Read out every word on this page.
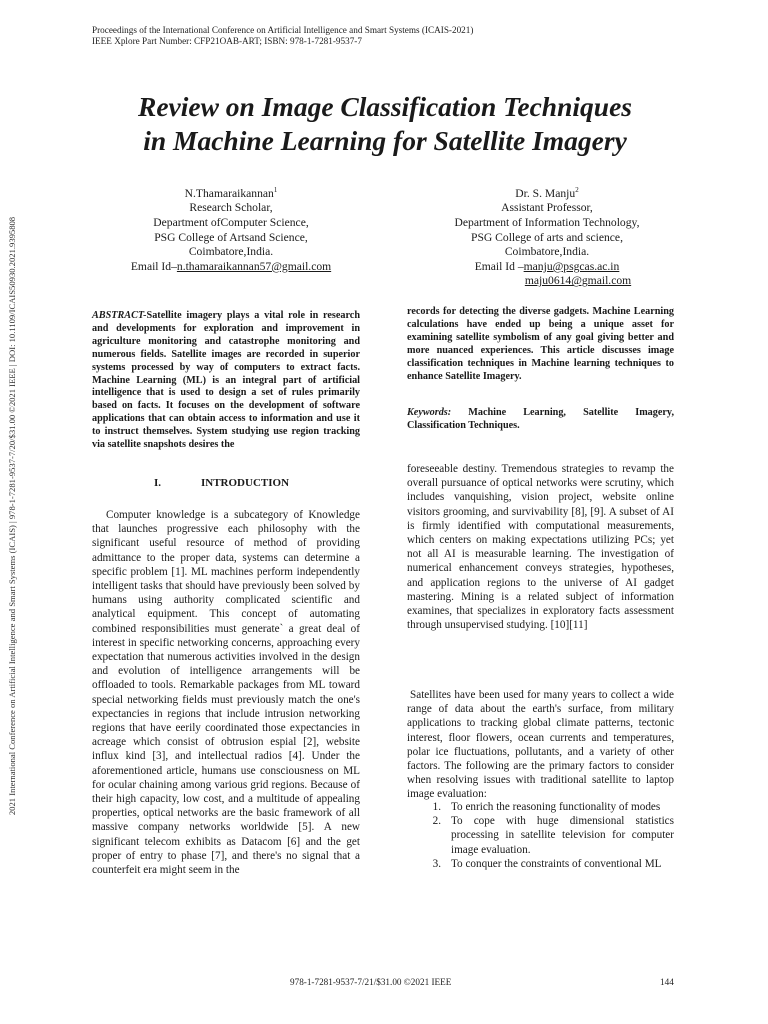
Proceedings of the International Conference on Artificial Intelligence and Smart Systems (ICAIS-2021)
IEEE Xplore Part Number: CFP21OAB-ART; ISBN: 978-1-7281-9537-7
2021 International Conference on Artificial Intelligence and Smart Systems (ICAIS) | 978-1-7281-9537-7/20/$31.00 ©2021 IEEE | DOI: 10.1109/ICAIS50930.2021.9395808
Review on Image Classification Techniques
in Machine Learning for Satellite Imagery
N.Thamaraikannan$^1$
Research Scholar,
Department ofComputer Science,
PSG College of Artsand Science,
Coimbatore,India.
Email Id–n.thamaraikannan57@gmail.com
Dr. S. Manju$^2$
Assistant Professor,
Department of Information Technology,
PSG College of arts and science,
Coimbatore,India.
Email Id –manju@psgcas.ac.in
maju0614@gmail.com
ABSTRACT-Satellite imagery plays a vital role in research and developments for exploration and improvement in agriculture monitoring and catastrophe monitoring and numerous fields. Satellite images are recorded in superior systems processed by way of computers to extract facts. Machine Learning (ML) is an integral part of artificial intelligence that is used to design a set of rules primarily based on facts. It focuses on the development of software applications that can obtain access to information and use it to instruct themselves. System studying use region tracking via satellite snapshots desires the
records for detecting the diverse gadgets. Machine Learning calculations have ended up being a unique asset for examining satellite symbolism of any goal giving better and more nuanced experiences. This article discusses image classification techniques in Machine learning techniques to enhance Satellite Imagery.
Keywords: Machine Learning, Satellite Imagery, Classification Techniques.
I.	INTRODUCTION
Computer knowledge is a subcategory of Knowledge that launches progressive each philosophy with the significant useful resource of method of providing admittance to the proper data, systems can determine a specific problem [1]. ML machines perform independently intelligent tasks that should have previously been solved by humans using authority complicated scientific and analytical equipment. This concept of automating combined responsibilities must generate` a great deal of interest in specific networking concerns, approaching every expectation that numerous activities involved in the design and evolution of intelligence arrangements will be offloaded to tools. Remarkable packages from ML toward special networking fields must previously match the one's expectancies in regions that include intrusion networking regions that have eerily coordinated those expectancies in acreage which consist of obtrusion espial [2], website influx kind [3], and intellectual radios [4]. Under the aforementioned article, humans use consciousness on ML for ocular chaining among various grid regions. Because of their high capacity, low cost, and a multitude of appealing properties, optical networks are the basic framework of all massive company networks worldwide [5]. A new significant telecom exhibits as Datacom [6] and the get proper of entry to phase [7], and there's no signal that a counterfeit era might seem in the
foreseeable destiny. Tremendous strategies to revamp the overall pursuance of optical networks were scrutiny, which includes vanquishing, vision project, website online visitors grooming, and survivability [8], [9]. A subset of AI is firmly identified with computational measurements, which centers on making expectations utilizing PCs; yet not all AI is measurable learning. The investigation of numerical enhancement conveys strategies, hypotheses, and application regions to the universe of AI gadget mastering. Mining is a related subject of information examines, that specializes in exploratory facts assessment through unsupervised studying. [10][11]
Satellites have been used for many years to collect a wide range of data about the earth's surface, from military applications to tracking global climate patterns, tectonic interest, floor flowers, ocean currents and temperatures, polar ice fluctuations, pollutants, and a variety of other factors. The following are the primary factors to consider when resolving issues with traditional satellite to laptop image evaluation:
1. To enrich the reasoning functionality of modes
2. To cope with huge dimensional statistics processing in satellite television for computer image evaluation.
3. To conquer the constraints of conventional ML
978-1-7281-9537-7/21/$31.00 ©2021 IEEE	144
